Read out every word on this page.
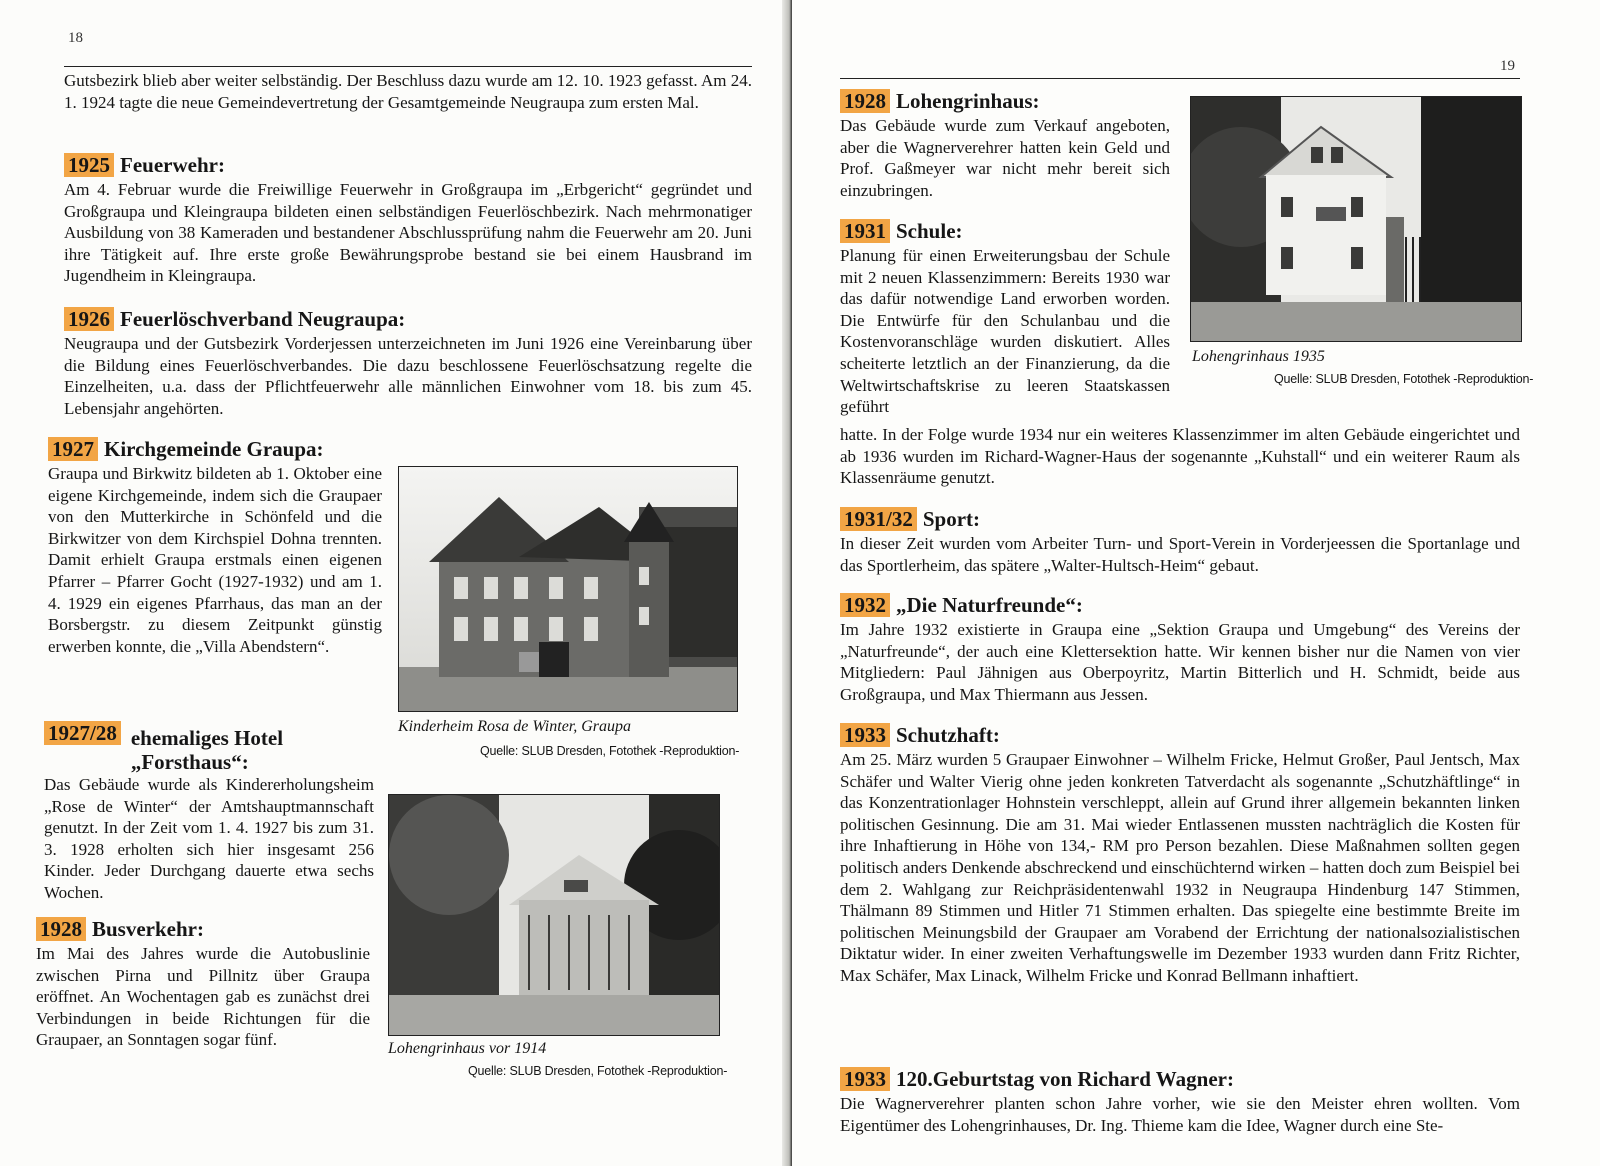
18

Gutsbezirk blieb aber weiter selbständig. Der Beschluss dazu wurde am 12. 10. 1923 gefasst. Am 24. 1. 1924 tagte die neue Gemeindevertretung der Gesamtgemeinde Neugraupa zum ersten Mal.

1925 Feuerwehr:

Am 4. Februar wurde die Freiwillige Feuerwehr in Großgraupa im „Erbgericht“ gegründet und Großgraupa und Kleingraupa bildeten einen selbständigen Feuerlöschbezirk. Nach mehrmonatiger Ausbildung von 38 Kameraden und bestandener Abschlussprüfung nahm die Feuerwehr am 20. Juni ihre Tätigkeit auf. Ihre erste große Bewährungsprobe bestand sie bei einem Hausbrand im Jugendheim in Kleingraupa.

1926 Feuerlöschverband Neugraupa:

Neugraupa und der Gutsbezirk Vorderjessen unterzeichneten im Juni 1926 eine Vereinbarung über die Bildung eines Feuerlöschverbandes. Die dazu beschlossene Feuerlöschsatzung regelte die Einzelheiten, u.a. dass der Pflichtfeuerwehr alle männlichen Einwohner vom 18. bis zum 45. Lebensjahr angehörten.

1927 Kirchgemeinde Graupa:

Graupa und Birkwitz bildeten ab 1. Oktober eine eigene Kirchgemeinde, indem sich die Graupaer von den Mutterkirche in Schönfeld und die Birkwitzer von dem Kirchspiel Dohna trennten. Damit erhielt Graupa erstmals einen eigenen Pfarrer – Pfarrer Gocht (1927-1932) und am 1. 4. 1929 ein eigenes Pfarrhaus, das man an der Borsbergstr. zu diesem Zeitpunkt günstig erwerben konnte, die „Villa Abendstern“.

1927/28 ehemaliges Hotel
„Forsthaus“:

Das Gebäude wurde als Kindererholungsheim „Rose de Winter“ der Amtshauptmannschaft genutzt. In der Zeit vom 1. 4. 1927 bis zum 31. 3. 1928 erholten sich hier insgesamt 256 Kinder. Jeder Durchgang dauerte etwa sechs Wochen.

1928 Busverkehr:

Im Mai des Jahres wurde die Autobuslinie zwischen Pirna und Pillnitz über Graupa eröffnet. An Wochentagen gab es zunächst drei Verbindungen in beide Richtungen für die Graupaer, an Sonntagen sogar fünf.

Kinderheim Rosa de Winter, Graupa
Quelle: SLUB Dresden, Fotothek -Reproduktion-
Lohengrinhaus vor 1914
Quelle: SLUB Dresden, Fotothek -Reproduktion-
19
1928 Lohengrinhaus:

Das Gebäude wurde zum Verkauf angeboten, aber die Wagnerverehrer hatten kein Geld und Prof. Gaßmeyer war nicht mehr bereit sich einzubringen.

1931 Schule:

Planung für einen Erweiterungsbau der Schule mit 2 neuen Klassenzimmern: Bereits 1930 war das dafür notwendige Land erworben worden. Die Entwürfe für den Schulanbau und die Kostenvoranschläge wurden diskutiert. Alles scheiterte letztlich an der Finanzierung, da die Weltwirtschaftskrise zu leeren Staatskassen geführt

hatte. In der Folge wurde 1934 nur ein weiteres Klassenzimmer im alten Gebäude eingerichtet und ab 1936 wurden im Richard-Wagner-Haus der sogenannte „Kuhstall“ und ein weiterer Raum als Klassenräume genutzt.

Lohengrinhaus 1935
Quelle: SLUB Dresden, Fotothek -Reproduktion-
1931/32 Sport:

In dieser Zeit wurden vom Arbeiter Turn- und Sport-Verein in Vorderjeessen die Sportanlage und das Sportlerheim, das spätere „Walter-Hultsch-Heim“ gebaut.

1932 „Die Naturfreunde“:

Im Jahre 1932 existierte in Graupa eine „Sektion Graupa und Umgebung“ des Vereins der „Naturfreunde“, der auch eine Klettersektion hatte. Wir kennen bisher nur die Namen von vier Mitgliedern: Paul Jähnigen aus Oberpoyritz, Martin Bitterlich und H. Schmidt, beide aus Großgraupa, und Max Thiermann aus Jessen.

1933 Schutzhaft:

Am 25. März wurden 5 Graupaer Einwohner – Wilhelm Fricke, Helmut Großer, Paul Jentsch, Max Schäfer und Walter Vierig ohne jeden konkreten Tatverdacht als sogenannte „Schutzhäftlinge“ in das Konzentrationlager Hohnstein verschleppt, allein auf Grund ihrer allgemein bekannten linken politischen Gesinnung. Die am 31. Mai wieder Entlassenen mussten nachträglich die Kosten für ihre Inhaftierung in Höhe von 134,- RM pro Person bezahlen. Diese Maßnahmen sollten gegen politisch anders Denkende abschreckend und einschüchternd wirken – hatten doch zum Beispiel bei dem 2. Wahlgang zur Reichpräsidentenwahl 1932 in Neugraupa Hindenburg 147 Stimmen, Thälmann 89 Stimmen und Hitler 71 Stimmen erhalten. Das spiegelte eine bestimmte Breite im politischen Meinungsbild der Graupaer am Vorabend der Errichtung der nationalsozialistischen Diktatur wider. In einer zweiten Verhaftungswelle im Dezember 1933 wurden dann Fritz Richter, Max Schäfer, Max Linack, Wilhelm Fricke und Konrad Bellmann inhaftiert.

1933 120.Geburtstag von Richard Wagner:

Die Wagnerverehrer planten schon Jahre vorher, wie sie den Meister ehren wollten. Vom Eigentümer des Lohengrinhauses, Dr. Ing. Thieme kam die Idee, Wagner durch eine Ste-
